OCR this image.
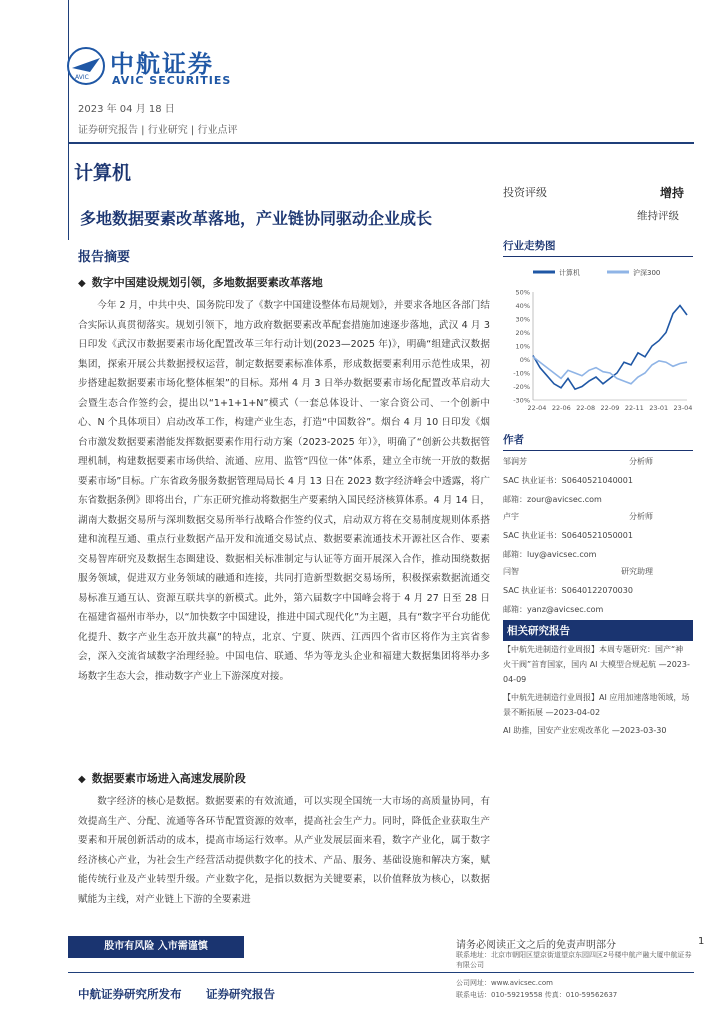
AVIC 中航证券
AVIC SECURITIES
2023 年 04 月 18 日
证券研究报告 | 行业研究 | 行业点评
计算机
投资评级	增持
维持评级
多地数据要素改革落地，产业链协同驱动企业成长
报告摘要
◆ 数字中国建设规划引领，多地数据要素改革落地
今年 2 月，中共中央、国务院印发了《数字中国建设整体布局规划》，并要求各地区各部门结合实际认真贯彻落实。规划引领下，地方政府数据要素改革配套措施加速逐步落地，武汉 4 月 3 日印发《武汉市数据要素市场化配置改革三年行动计划(2023—2025 年)》，明确“组建武汉数据集团，探索开展公共数据授权运营，制定数据要素标准体系，形成数据要素利用示范性成果，初步搭建起数据要素市场化整体框架”的目标。郑州 4 月 3 日举办数据要素市场化配置改革启动大会暨生态合作签约会，提出以“1+1+1+N”模式（一套总体设计、一家合资公司、一个创新中心、N 个具体项目）启动改革工作，构建产业生态，打造“中国数谷”。烟台 4 月 10 日印发《烟台市激发数据要素潜能发挥数据要素作用行动方案（2023-2025 年）》，明确了“创新公共数据管理机制，构建数据要素市场供给、流通、应用、监管“四位一体”体系，建立全市统一开放的数据要素市场”目标。广东省政务服务数据管理局局长 4 月 13 日在 2023 数字经济峰会中透露，将广东省数据条例》即将出台，广东正研究推动将数据生产要素纳入国民经济核算体系。4 月 14 日，湖南大数据交易所与深圳数据交易所举行战略合作签约仪式，启动双方将在交易制度规则体系搭建和流程互通、重点行业数据产品开发和流通交易试点、数据要素流通技术开源社区合作、要素交易智库研究及数据生态圈建设、数据相关标准制定与认证等方面开展深入合作，推动围绕数据服务领域，促进双方业务领域的融通和连接，共同打造新型数据交易场所，积极探索数据流通交易标准互通互认、资源互联共享的新模式。此外，第六届数字中国峰会将于 4 月 27 日至 28 日在福建省福州市举办，以“加快数字中国建设，推进中国式现代化”为主题，具有“数字平台功能优化提升、数字产业生态开放共赢”的特点，北京、宁夏、陕西、江西四个省市区将作为主宾省参会，深入交流省域数字治理经验。中国电信、联通、华为等龙头企业和福建大数据集团将举办多场数字生态大会，推动数字产业上下游深度对接。
◆ 数据要素市场进入高速发展阶段
数字经济的核心是数据。数据要素的有效流通，可以实现全国统一大市场的高质量协同，有效提高生产、分配、流通等各环节配置资源的效率，提高社会生产力。同时，降低企业获取生产要素和开展创新活动的成本，提高市场运行效率。从产业发展层面来看，数字产业化，属于数字经济核心产业，为社会生产经营活动提供数字化的技术、产品、服务、基础设施和解决方案，赋能传统行业及产业转型升级。产业数字化，是指以数据为关键要素，以价值释放为核心，以数据赋能为主线，对产业链上下游的全要素进
行业走势图
计算机	沪深300
50%
40%
30%
20%
10%
0%
-10%
-20%
-30%
22-04 22-06 22-08 22-09 22-11 23-01 23-04
作者
邹润芳	分析师
SAC 执业证书：S0640521040001
邮箱：zour@avicsec.com
卢宇	分析师
SAC 执业证书：S0640521050001
邮箱：luy@avicsec.com
闫智	研究助理
SAC 执业证书：S0640122070030
邮箱：yanz@avicsec.com
相关研究报告
【中航先进制造行业周报】本周专题研究：国产“神火干阀”首育国家，国内 AI 大模型合规起航 —2023-04-09
【中航先进制造行业周报】AI 应用加速落地领域，场景不断拓展 —2023-04-02
AI 助推，国安产业宏观改革化 —2023-03-30
股市有风险 入市需谨慎	请务必阅读正文之后的免责声明部分	1
联系地址：北京市朝阳区望京街道望京东园四区2号楼中航产融大厦中航证券有限公司
公司网址：www.avicsec.com
联系电话：010-59219558 传真：010-59562637
中航证券研究所发布 证券研究报告
